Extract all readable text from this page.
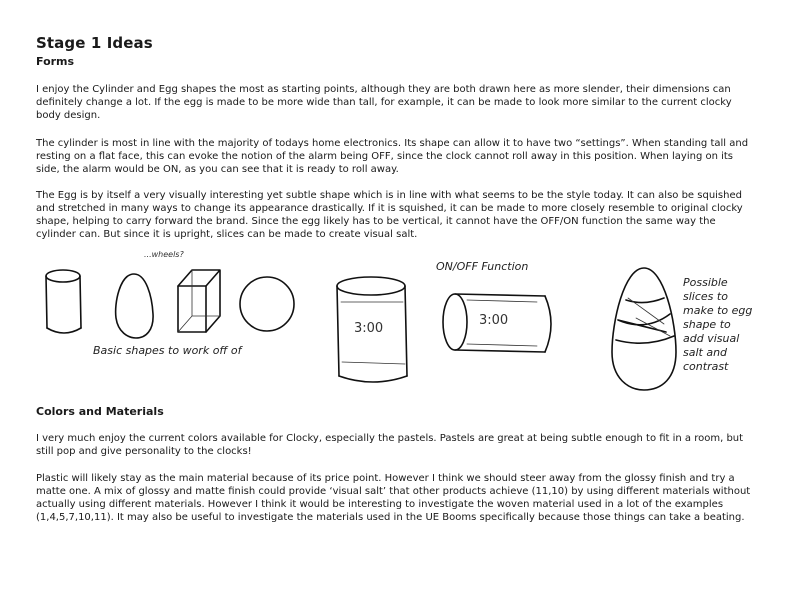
Stage 1 Ideas
Forms

I enjoy the Cylinder and Egg shapes the most as starting points, although they are both drawn here as more slender, their dimensions can definitely change a lot. If the egg is made to be more wide than tall, for example, it can be made to look more similar to the current clocky body design.

The cylinder is most in line with the majority of todays home electronics. Its shape can allow it to have two “settings”. When standing tall and resting on a flat face, this can evoke the notion of the alarm being OFF, since the clock cannot roll away in this position. When laying on its side, the alarm would be ON, as you can see that it is ready to roll away.

The Egg is by itself a very visually interesting yet subtle shape which is in line with what seems to be the style today. It can also be squished and stretched in many ways to change its appearance drastically. If it is squished, it can be made to more closely resemble to original clocky shape, helping to carry forward the brand. Since the egg likely has to be vertical, it cannot have the OFF/ON function the same way the cylinder can. But since it is upright, slices can be made to create visual salt.

...wheels?
Basic shapes to work off of
ON/OFF Function
3:00
3:00
Possible
slices to
make to egg
shape to
add visual
salt and
contrast
Colors and Materials

I very much enjoy the current colors available for Clocky, especially the pastels. Pastels are great at being subtle enough to fit in a room, but still pop and give personality to the clocks!

Plastic will likely stay as the main material because of its price point. However I think we should steer away from the glossy finish and try a matte one. A mix of glossy and matte finish could provide ‘visual salt’ that other products achieve (11,10) by using different materials without actually using different materials. However I think it would be interesting to investigate the woven material used in a lot of the examples (1,4,5,7,10,11). It may also be useful to investigate the materials used in the UE Booms specifically because those things can take a beating.
